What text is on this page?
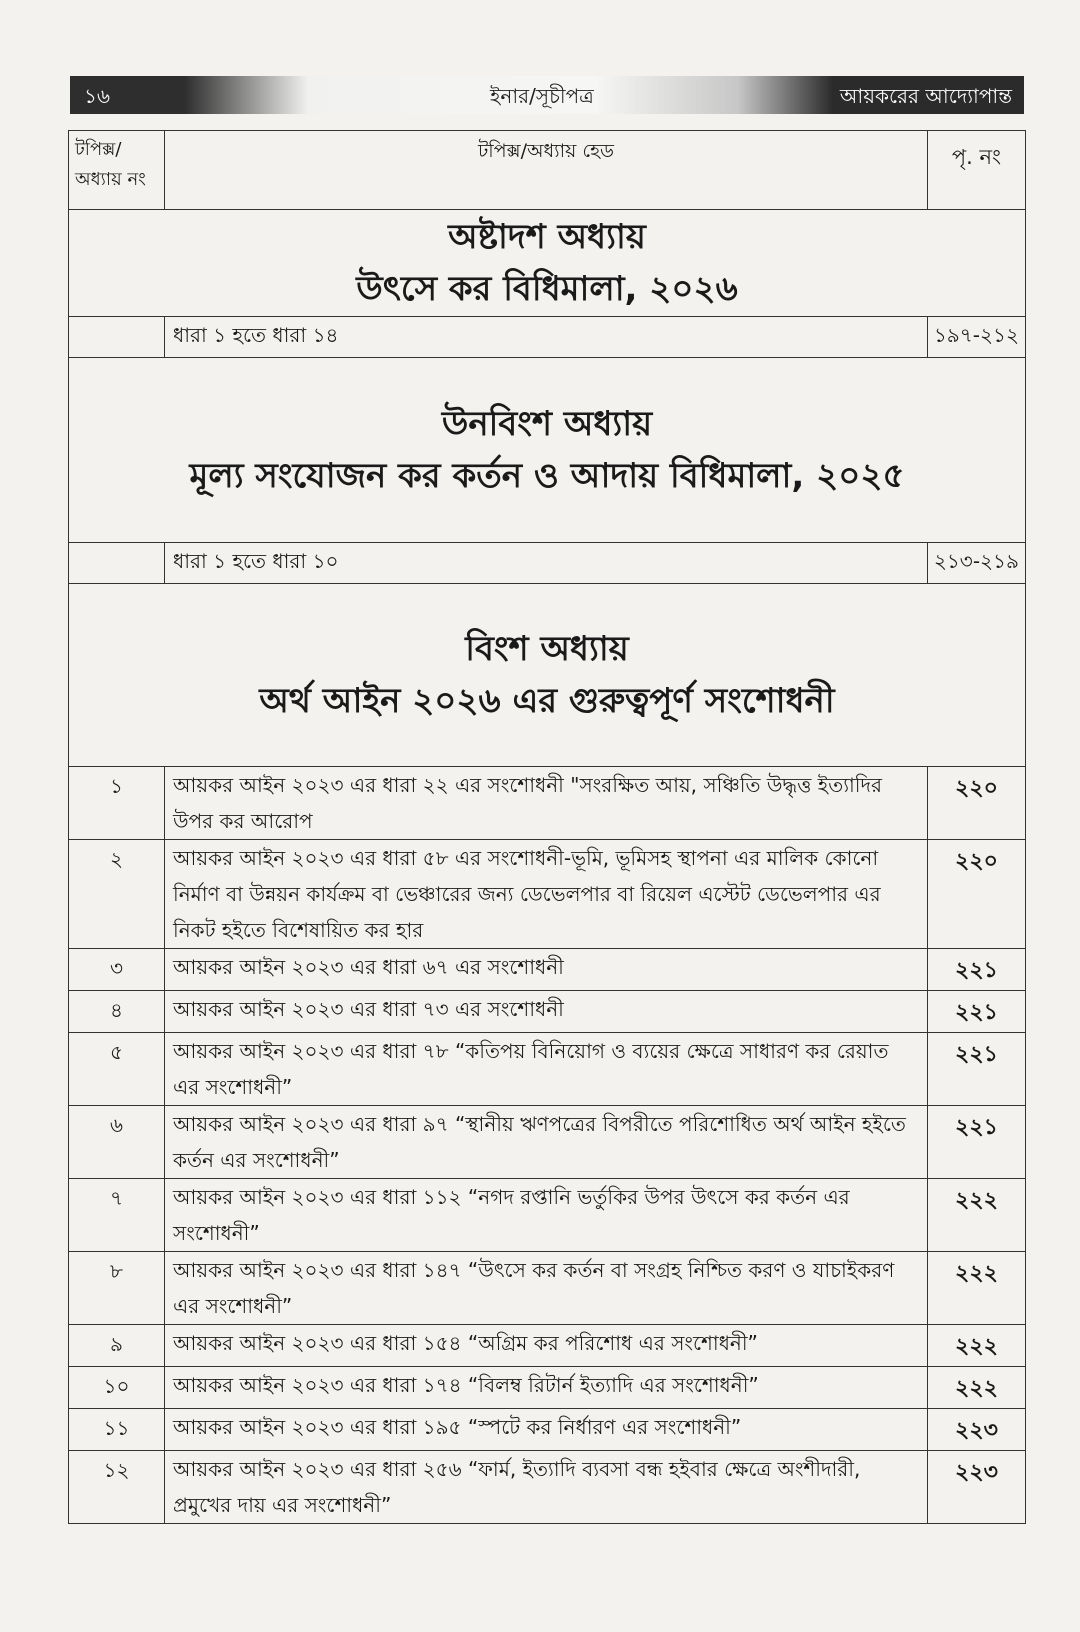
১৬	ইনার/সূচীপত্র	আয়করের আদ্যোপান্ত
টপিক্স/ অধ্যায় নং	টপিক্স/অধ্যায় হেড	পৃ. নং

অষ্টাদশ অধ্যায়
উৎসে কর বিধিমালা, ২০২৬		

	ধারা ১ হতে ধারা ১৪	১৯৭-২১২

উনবিংশ অধ্যায়
মূল্য সংযোজন কর কর্তন ও আদায় বিধিমালা, ২০২৫		

	ধারা ১ হতে ধারা ১০	২১৩-২১৯

বিংশ অধ্যায়
অর্থ আইন ২০২৬ এর গুরুত্বপূর্ণ সংশোধনী		

১	আয়কর আইন ২০২৩ এর ধারা ২২ এর সংশোধনী "সংরক্ষিত আয়, সঞ্চিতি উদ্ধৃত্ত ইত্যাদির উপর কর আরোপ	২২০
২	আয়কর আইন ২০২৩ এর ধারা ৫৮ এর সংশোধনী-ভূমি, ভূমিসহ স্থাপনা এর মালিক কোনো নির্মাণ বা উন্নয়ন কার্যক্রম বা ভেঞ্চারের জন্য ডেভেলপার বা রিয়েল এস্টেট ডেভেলপার এর নিকট হইতে বিশেষায়িত কর হার	২২০
৩	আয়কর আইন ২০২৩ এর ধারা ৬৭ এর সংশোধনী	২২১
৪	আয়কর আইন ২০২৩ এর ধারা ৭৩ এর সংশোধনী	২২১
৫	আয়কর আইন ২০২৩ এর ধারা ৭৮ “কতিপয় বিনিয়োগ ও ব্যয়ের ক্ষেত্রে সাধারণ কর রেয়াত এর সংশোধনী”	২২১
৬	আয়কর আইন ২০২৩ এর ধারা ৯৭ “স্থানীয় ঋণপত্রের বিপরীতে পরিশোধিত অর্থ আইন হইতে কর্তন এর সংশোধনী”	২২১
৭	আয়কর আইন ২০২৩ এর ধারা ১১২ “নগদ রপ্তানি ভর্তুকির উপর উৎসে কর কর্তন এর সংশোধনী”	২২২
৮	আয়কর আইন ২০২৩ এর ধারা ১৪৭ “উৎসে কর কর্তন বা সংগ্রহ নিশ্চিত করণ ও যাচাইকরণ এর সংশোধনী”	২২২
৯	আয়কর আইন ২০২৩ এর ধারা ১৫৪ “অগ্রিম কর পরিশোধ এর সংশোধনী”	২২২
১০	আয়কর আইন ২০২৩ এর ধারা ১৭৪ “বিলম্ব রিটার্ন ইত্যাদি এর সংশোধনী”	২২২
১১	আয়কর আইন ২০২৩ এর ধারা ১৯৫ “স্পটে কর নির্ধারণ এর সংশোধনী”	২২৩
১২	আয়কর আইন ২০২৩ এর ধারা ২৫৬ “ফার্ম, ইত্যাদি ব্যবসা বন্ধ হইবার ক্ষেত্রে অংশীদারী, প্রমুখের দায় এর সংশোধনী”	২২৩
